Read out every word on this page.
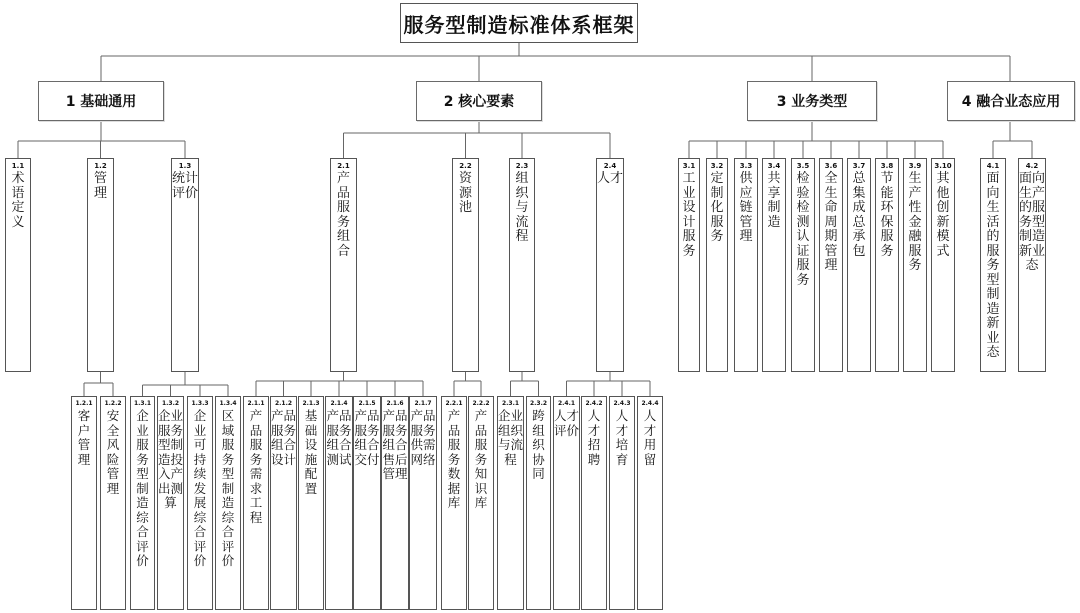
服务型制造标准体系框架
1 基础通用	2 核心要素	3 业务类型	4 融合业态应用
1.1
术语定义
1.2
管理
1.3
统计评价
2.1
产品服务组合
2.2
资源池
2.3
组织与流程
2.4
人才
3.1
工业设计服务
3.2
定制化服务
3.3
供应链管理
3.4
共享制造
3.5
检验检测认证服务
3.6
全生命周期管理
3.7
总集成总承包
3.8
节能环保服务
3.9
生产性金融服务
3.10
其他创新模式
4.1
面向生活的服务型制造新业态
4.2
面向生产的服务型制造新业态
1.2.1
客户管理
1.2.2
安全风险管理
1.3.1
企业服务型制造综合评价
1.3.2
企业服务型制造投入产出测算
1.3.3
企业可持续发展综合评价
1.3.4
区域服务型制造综合评价
2.1.1
产品服务需求工程
2.1.2
产品服务组合设计
2.1.3
基础设施配置
2.1.4
产品服务组合测试
2.1.5
产品服务组合交付
2.1.6
产品服务组合售后管理
2.1.7
产品服务供需网络
2.2.1
产品服务数据库
2.2.2
产品服务知识库
2.3.1
企业组织与流程
2.3.2
跨组织协同
2.4.1
人才评价
2.4.2
人才招聘
2.4.3
人才培育
2.4.4
人才用留
